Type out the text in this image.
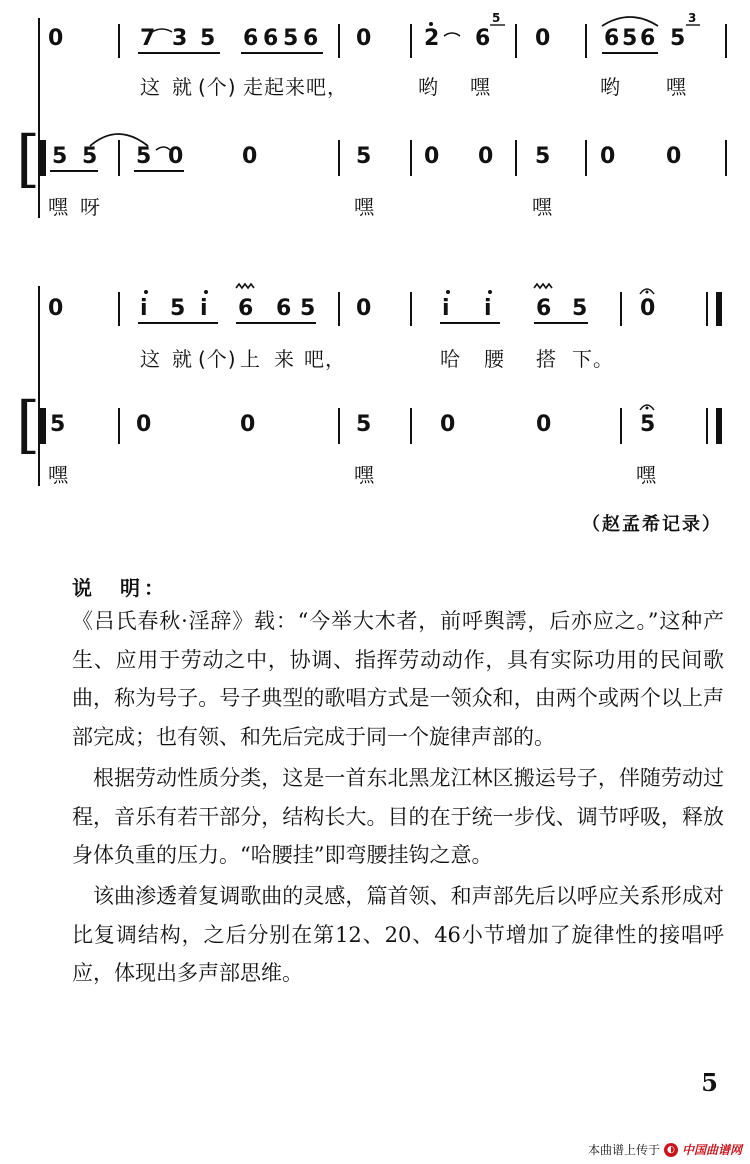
[
0	7 3 5 6 6 5 6 0 2 6
5
0 6 5 6 5
3
这 就 (个) 走 起 来 吧，	哟 嘿	哟 嘿
5 5 5 0	0	5 0 0 5 0 0
嘿 呀	嘿	嘿
[
0	i 5 i 6 6 5 0	i i 6 5 0
这 就 (个) 上 来 吧，	哈 腰 搭 下。
5	0	0	5	0	0	5
嘿	嘿	嘿
（赵孟希记录）
说　明：
《吕氏春秋·淫辞》载：“今举大木者，前呼舆謣，后亦应之。”这种产生、应用于劳动之中，协调、指挥劳动动作，具有实际功用的民间歌曲，称为号子。号子典型的歌唱方式是一领众和，由两个或两个以上声部完成；也有领、和先后完成于同一个旋律声部的。
根据劳动性质分类，这是一首东北黑龙江林区搬运号子，伴随劳动过程，音乐有若干部分，结构长大。目的在于统一步伐、调节呼吸，释放身体负重的压力。“哈腰挂”即弯腰挂钩之意。
该曲渗透着复调歌曲的灵感，篇首领、和声部先后以呼应关系形成对比复调结构，之后分别在第12、20、46小节增加了旋律性的接唱呼应，体现出多声部思维。
5
本曲谱上传于 ◐ 中国曲谱网
